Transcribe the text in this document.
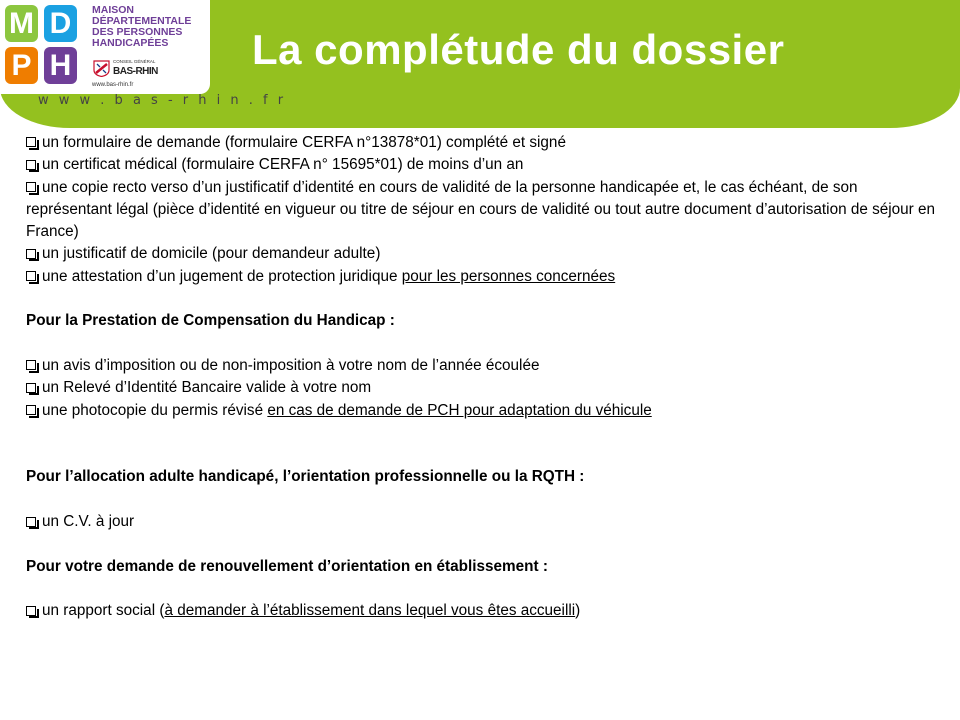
La complétude du dossier
M D
P H
MAISON
DÉPARTEMENTALE
DES PERSONNES
HANDICAPÉES
CONSEIL GÉNÉRAL
BAS-RHIN
www.bas-rhin.fr
w w w . b a s - r h i n . f r

un formulaire de demande (formulaire CERFA n°13878*01) complété et signé

un certificat médical (formulaire CERFA n° 15695*01) de moins d’un an

une copie recto verso d’un justificatif d’identité en cours de validité de la personne handicapée et, le cas échéant, de son représentant légal (pièce d’identité en vigueur ou titre de séjour en cours de validité ou tout autre document d’autorisation de séjour en France)

un justificatif de domicile (pour demandeur adulte)

une attestation d’un jugement de protection juridique pour les personnes concernées

Pour la Prestation de Compensation du Handicap :

un avis d’imposition ou de non-imposition à votre nom de l’année écoulée

un Relevé d’Identité Bancaire valide à votre nom

une photocopie du permis révisé en cas de demande de PCH pour adaptation du véhicule

Pour l’allocation adulte handicapé, l’orientation professionnelle ou la RQTH :

un C.V. à jour

Pour votre demande de renouvellement d’orientation en établissement :

un rapport social (à demander à l’établissement dans lequel vous êtes accueilli)
